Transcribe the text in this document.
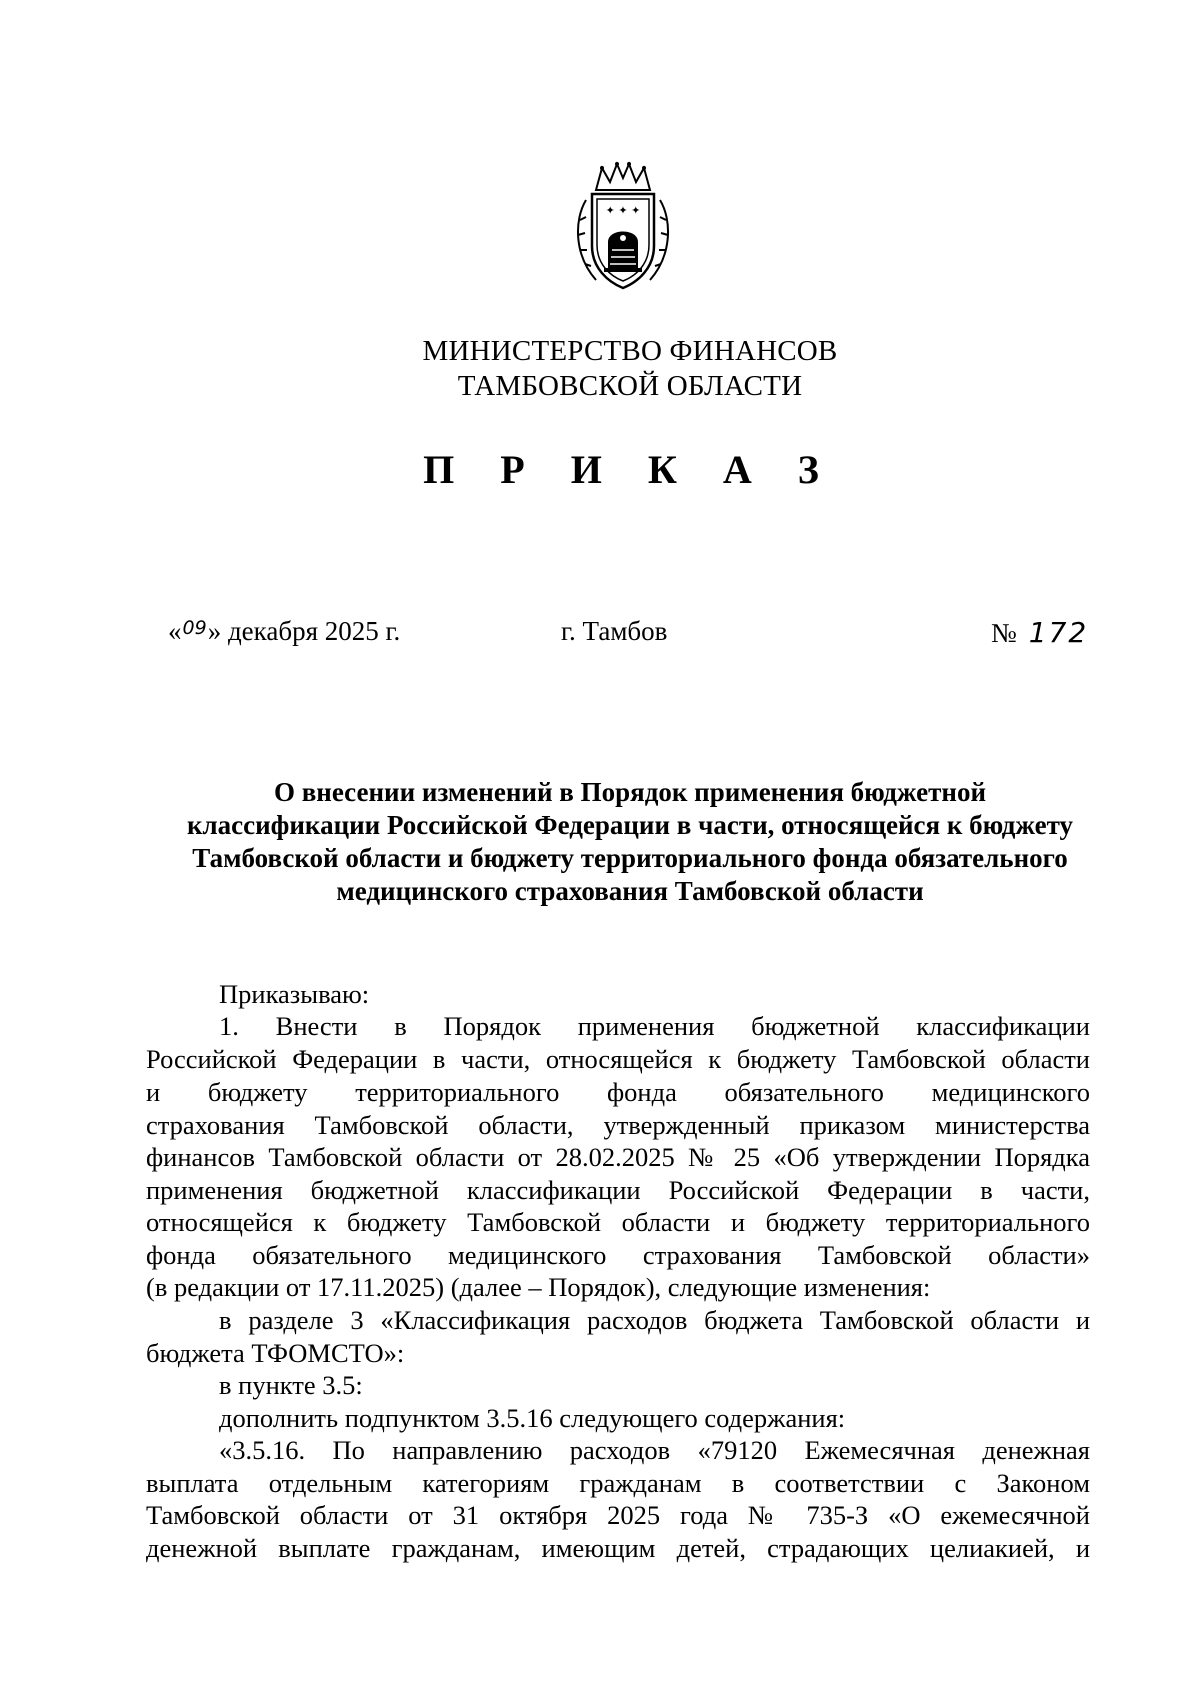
✦ ✦ ✦
МИНИСТЕРСТВО ФИНАНСОВ
ТАМБОВСКОЙ ОБЛАСТИ
П Р И К А З
«$^{09}$» декабря 2025 г.	г. Тамбов	№ 172
О внесении изменений в Порядок применения бюджетной
классификации Российской Федерации в части, относящейся к бюджету
Тамбовской области и бюджету территориального фонда обязательного
медицинского страхования Тамбовской области
Приказываю:
1. Внести в Порядок применения бюджетной классификации
Российской Федерации в части, относящейся к бюджету Тамбовской области
и бюджету территориального фонда обязательного медицинского
страхования Тамбовской области, утвержденный приказом министерства
финансов Тамбовской области от 28.02.2025 № 25 «Об утверждении Порядка
применения бюджетной классификации Российской Федерации в части,
относящейся к бюджету Тамбовской области и бюджету территориального
фонда обязательного медицинского страхования Тамбовской области»
(в редакции от 17.11.2025) (далее – Порядок), следующие изменения:
в разделе 3 «Классификация расходов бюджета Тамбовской области и
бюджета ТФОМСТО»:
в пункте 3.5:
дополнить подпунктом 3.5.16 следующего содержания:
«3.5.16. По направлению расходов «79120 Ежемесячная денежная
выплата отдельным категориям гражданам в соответствии с Законом
Тамбовской области от 31 октября 2025 года № 735-З «О ежемесячной
денежной выплате гражданам, имеющим детей, страдающих целиакией, и
